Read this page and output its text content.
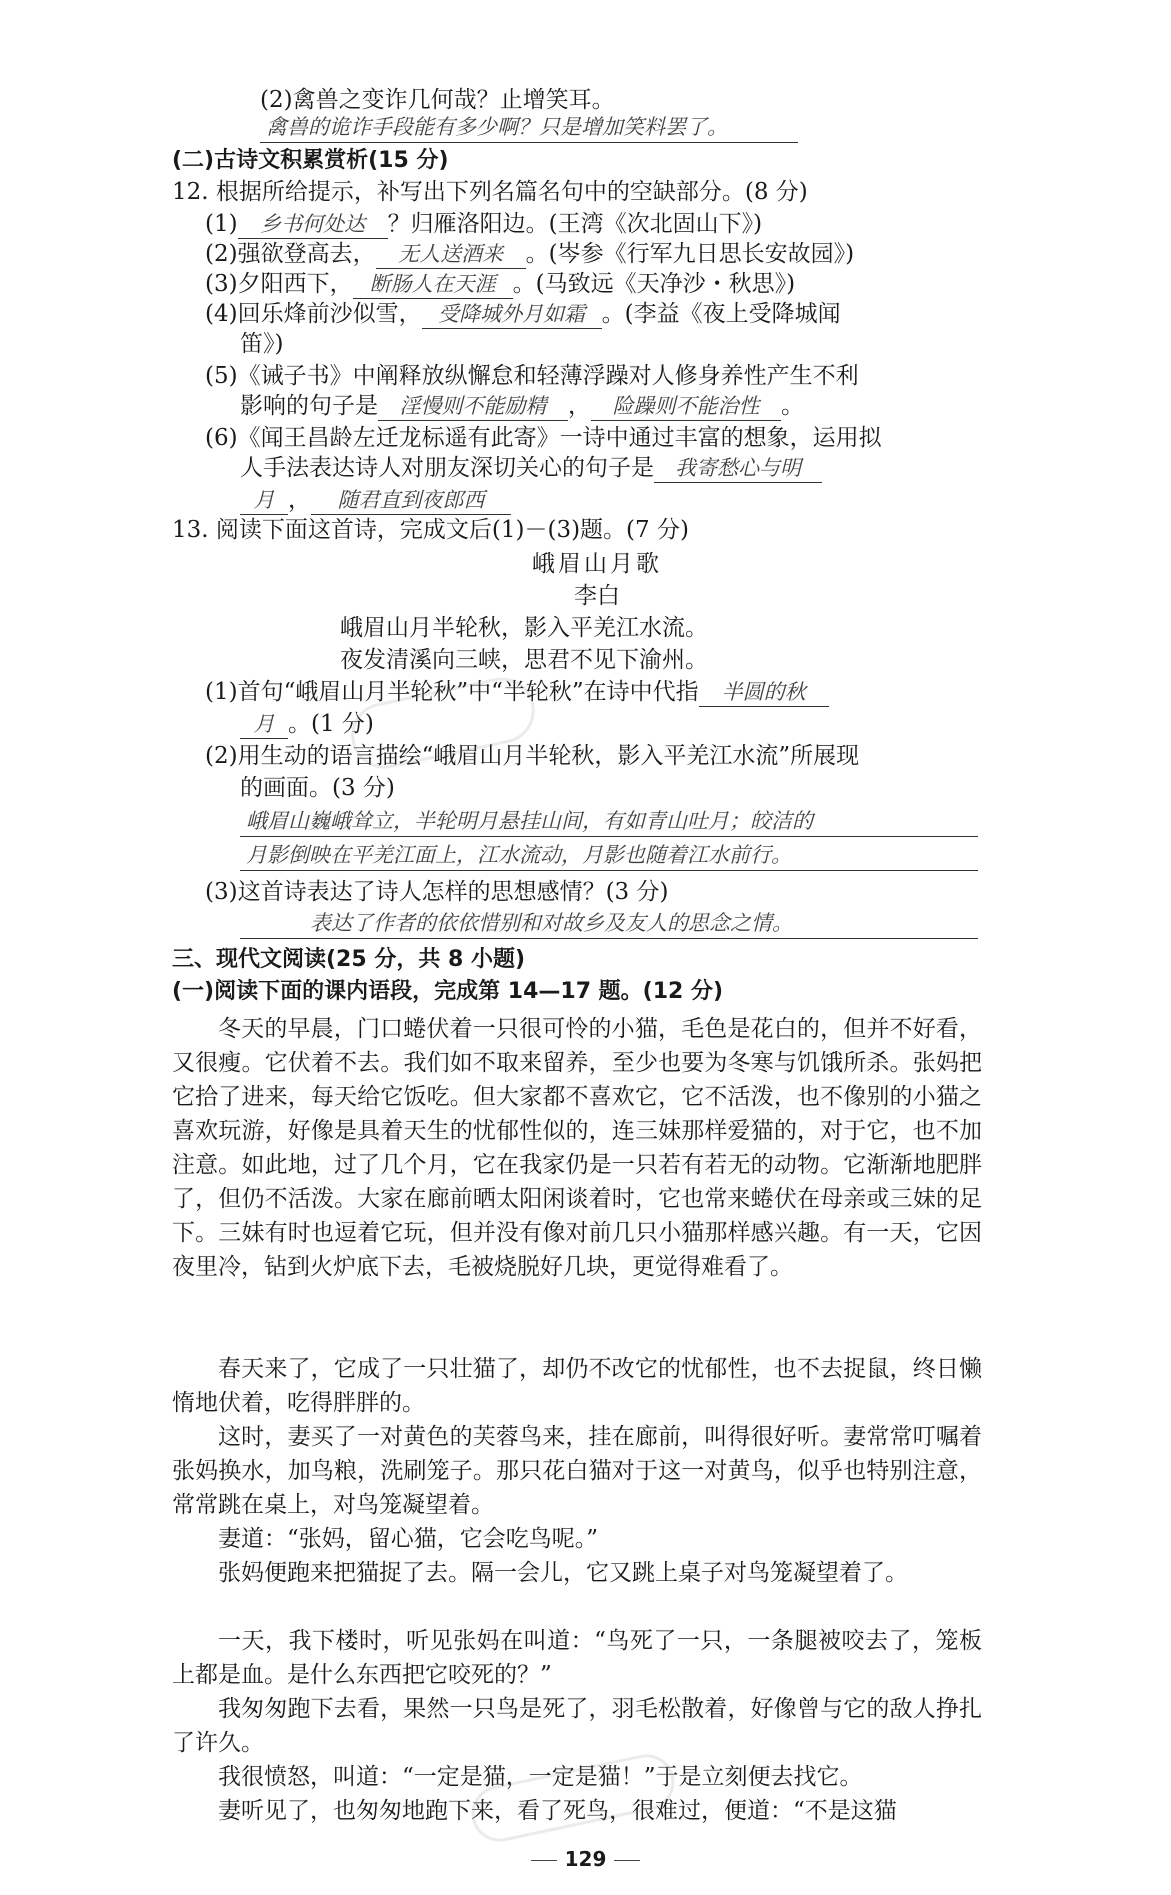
(2)禽兽之变诈几何哉？止增笑耳。
禽兽的诡诈手段能有多少啊？只是增加笑料罢了。
(二)古诗文积累赏析(15 分)
12. 根据所给提示，补写出下列名篇名句中的空缺部分。(8 分)
(1) 乡书何处达 ？归雁洛阳边。(王湾《次北固山下》)
(2)强欲登高去， 无人送酒来 。(岑参《行军九日思长安故园》)
(3)夕阳西下， 断肠人在天涯 。(马致远《天净沙・秋思》)
(4)回乐烽前沙似雪， 受降城外月如霜 。(李益《夜上受降城闻
笛》)
(5)《诫子书》中阐释放纵懈怠和轻薄浮躁对人修身养性产生不利
影响的句子是 淫慢则不能励精 ， 险躁则不能治性 。
(6)《闻王昌龄左迁龙标遥有此寄》一诗中通过丰富的想象，运用拟
人手法表达诗人对朋友深切关心的句子是 我寄愁心与明
月 ， 随君直到夜郎西
13. 阅读下面这首诗，完成文后(1)－(3)题。(7 分)
峨眉山月歌
李白
峨眉山月半轮秋，影入平羌江水流。
夜发清溪向三峡，思君不见下渝州。
(1)首句“峨眉山月半轮秋”中“半轮秋”在诗中代指 半圆的秋
月 。(1 分)
(2)用生动的语言描绘“峨眉山月半轮秋，影入平羌江水流”所展现
的画面。(3 分)
峨眉山巍峨耸立，半轮明月悬挂山间，有如青山吐月；皎洁的
月影倒映在平羌江面上，江水流动，月影也随着江水前行。
(3)这首诗表达了诗人怎样的思想感情？(3 分)
表达了作者的依依惜别和对故乡及友人的思念之情。
三、现代文阅读(25 分，共 8 小题)
(一)阅读下面的课内语段，完成第 14—17 题。(12 分)
冬天的早晨，门口蜷伏着一只很可怜的小猫，毛色是花白的，但并不好看，又很瘦。它伏着不去。我们如不取来留养，至少也要为冬寒与饥饿所杀。张妈把它拾了进来，每天给它饭吃。但大家都不喜欢它，它不活泼，也不像别的小猫之喜欢玩游，好像是具着天生的忧郁性似的，连三妹那样爱猫的，对于它，也不加注意。如此地，过了几个月，它在我家仍是一只若有若无的动物。它渐渐地肥胖了，但仍不活泼。大家在廊前晒太阳闲谈着时，它也常来蜷伏在母亲或三妹的足下。三妹有时也逗着它玩，但并没有像对前几只小猫那样感兴趣。有一天，它因夜里冷，钻到火炉底下去，毛被烧脱好几块，更觉得难看了。
春天来了，它成了一只壮猫了，却仍不改它的忧郁性，也不去捉鼠，终日懒惰地伏着，吃得胖胖的。
这时，妻买了一对黄色的芙蓉鸟来，挂在廊前，叫得很好听。妻常常叮嘱着张妈换水，加鸟粮，洗刷笼子。那只花白猫对于这一对黄鸟，似乎也特别注意，常常跳在桌上，对鸟笼凝望着。
妻道：“张妈，留心猫，它会吃鸟呢。”
张妈便跑来把猫捉了去。隔一会儿，它又跳上桌子对鸟笼凝望着了。
一天，我下楼时，听见张妈在叫道：“鸟死了一只，一条腿被咬去了，笼板上都是血。是什么东西把它咬死的？”
我匆匆跑下去看，果然一只鸟是死了，羽毛松散着，好像曾与它的敌人挣扎了许久。
我很愤怒，叫道：“一定是猫，一定是猫！”于是立刻便去找它。
妻听见了，也匆匆地跑下来，看了死鸟，很难过，便道：“不是这猫
129
